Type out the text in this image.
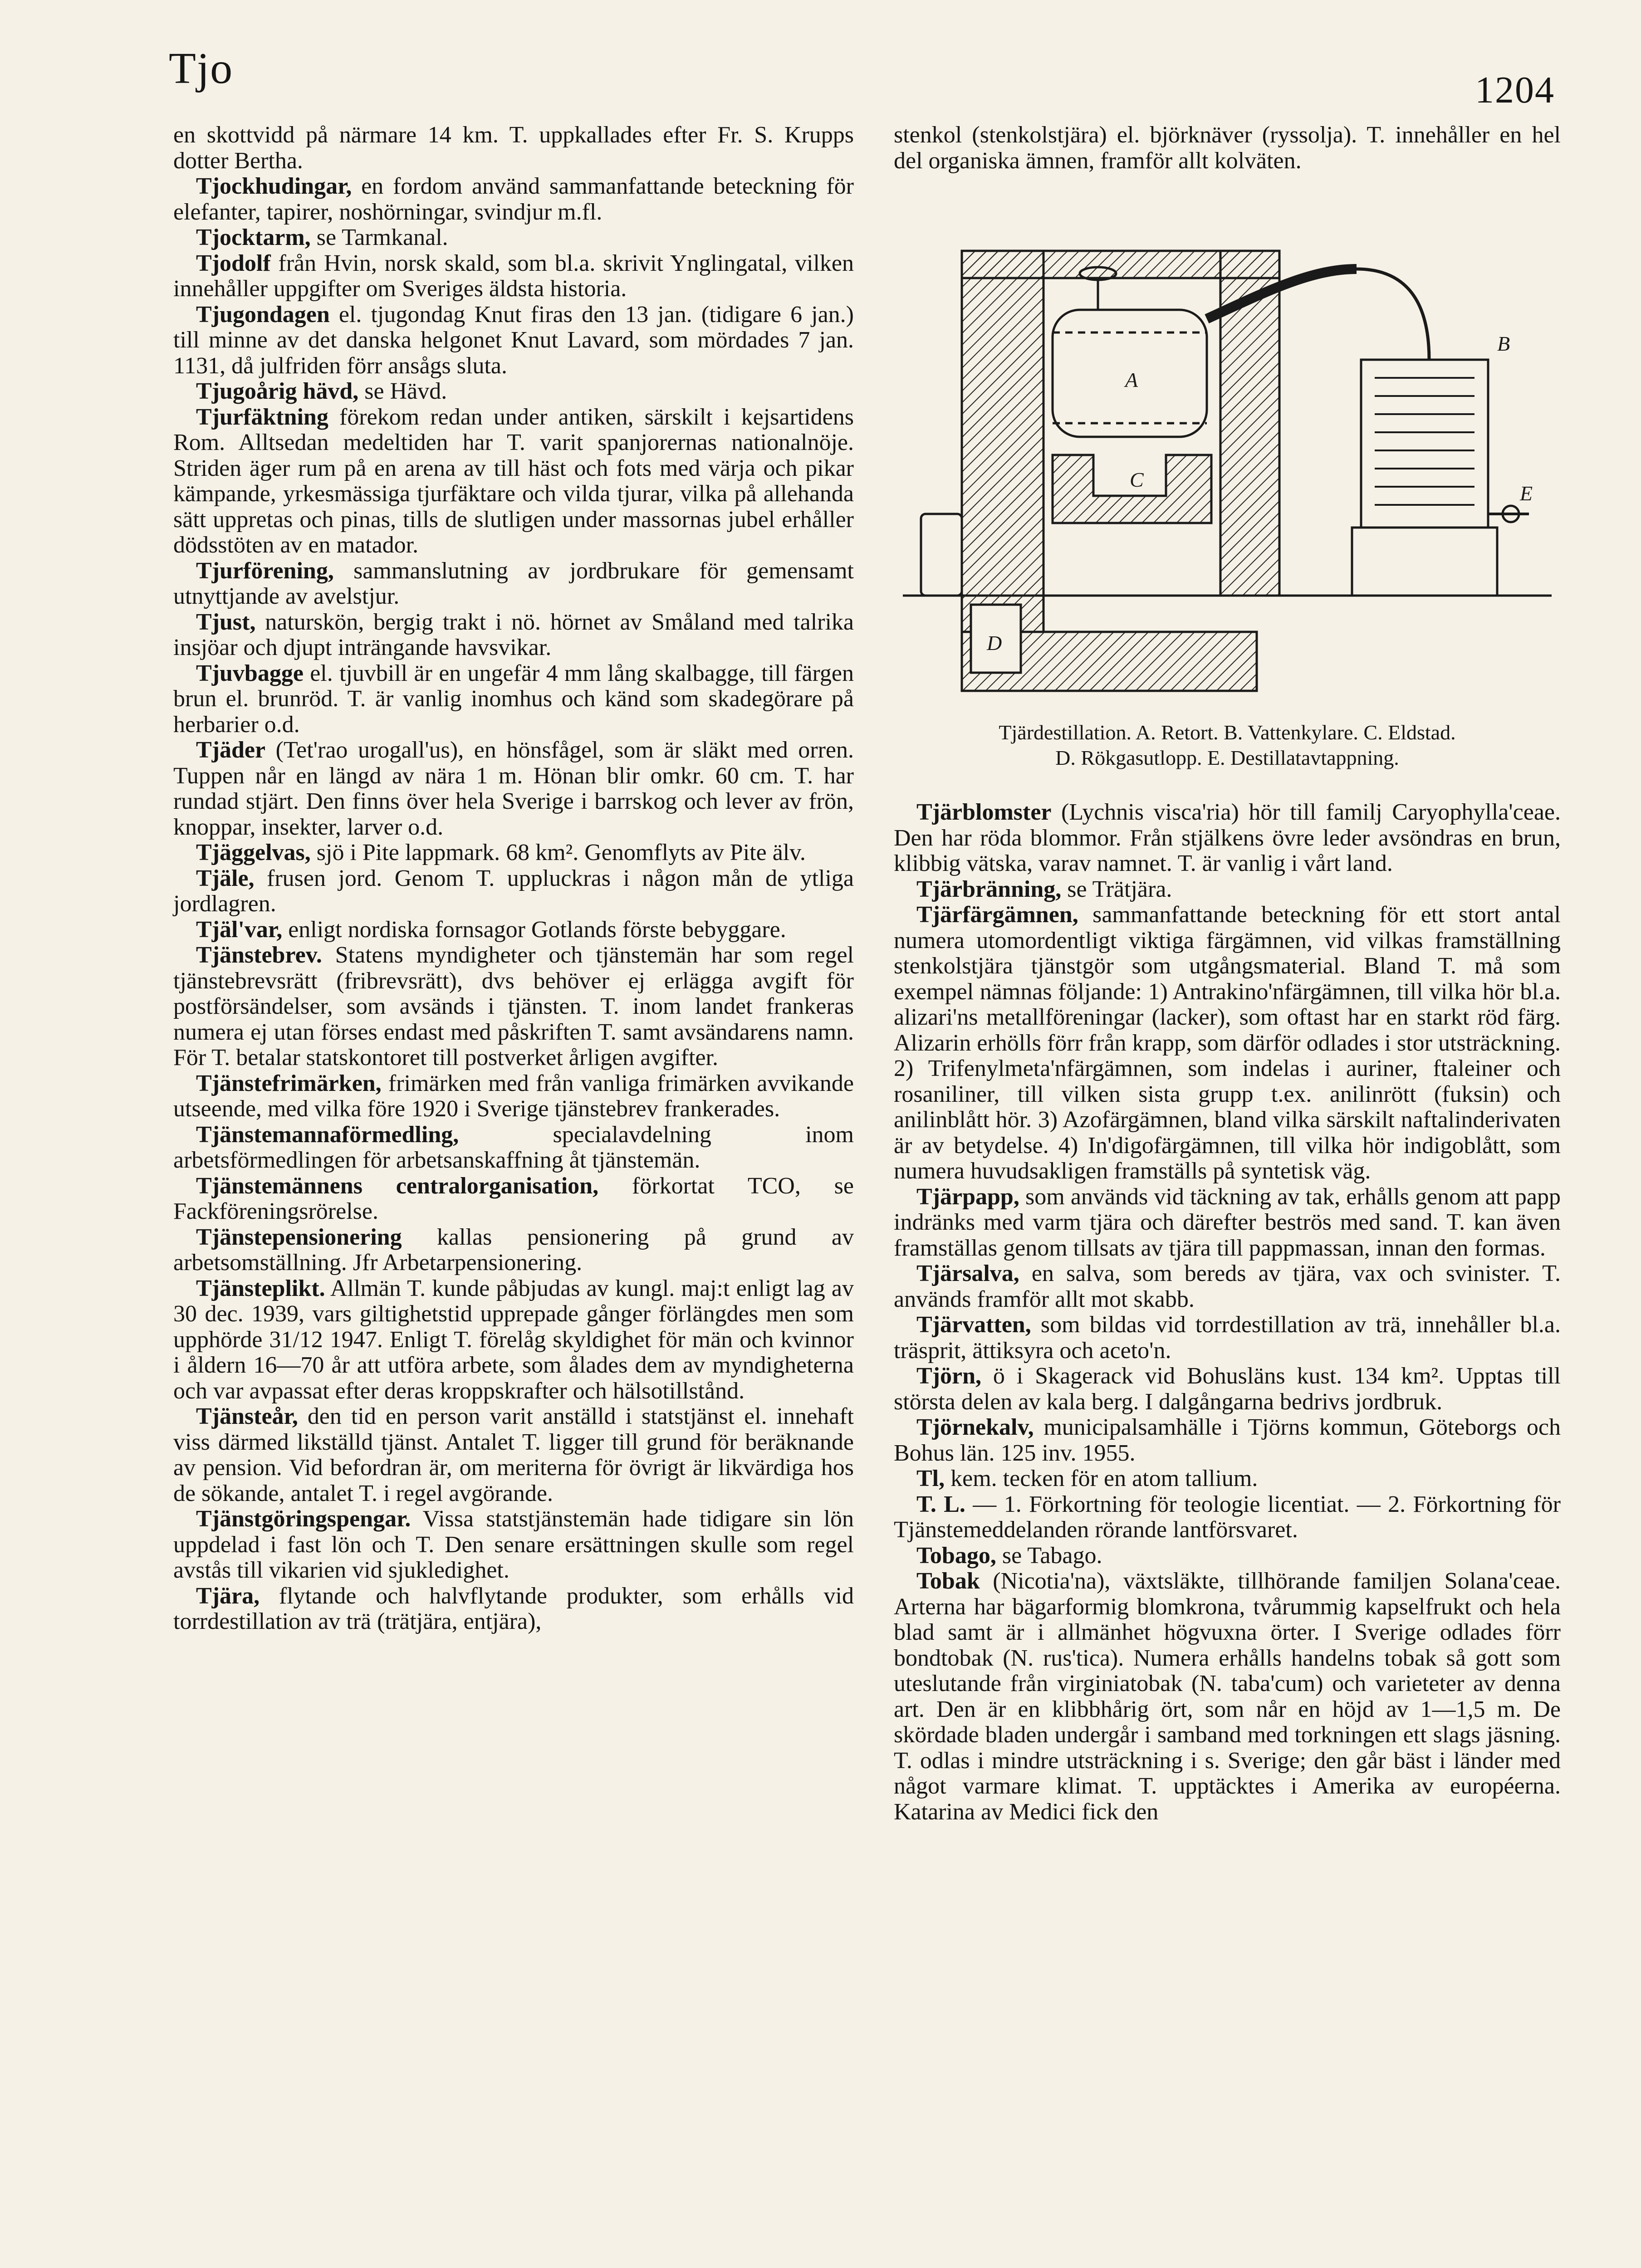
Tjo	1204

en skottvidd på närmare 14 km. T. uppkallades efter Fr. S. Krupps dotter Bertha.

Tjockhudingar, en fordom använd sammanfattande beteckning för elefanter, tapirer, noshörningar, svindjur m.fl.

Tjocktarm, se Tarmkanal.

Tjodolf från Hvin, norsk skald, som bl.a. skrivit Ynglingatal, vilken innehåller uppgifter om Sveriges äldsta historia.

Tjugondagen el. tjugondag Knut firas den 13 jan. (tidigare 6 jan.) till minne av det danska helgonet Knut Lavard, som mördades 7 jan. 1131, då julfriden förr ansågs sluta.

Tjugoårig hävd, se Hävd.

Tjurfäktning förekom redan under antiken, särskilt i kejsartidens Rom. Alltsedan medeltiden har T. varit spanjorernas nationalnöje. Striden äger rum på en arena av till häst och fots med värja och pikar kämpande, yrkesmässiga tjurfäktare och vilda tjurar, vilka på allehanda sätt uppretas och pinas, tills de slutligen under massornas jubel erhåller dödsstöten av en matador.

Tjurförening, sammanslutning av jordbrukare för gemensamt utnyttjande av avelstjur.

Tjust, naturskön, bergig trakt i nö. hörnet av Småland med talrika insjöar och djupt inträngande havsvikar.

Tjuvbagge el. tjuvbill är en ungefär 4 mm lång skalbagge, till färgen brun el. brunröd. T. är vanlig inomhus och känd som skadegörare på herbarier o.d.

Tjäder (Tet'rao urogall'us), en hönsfågel, som är släkt med orren. Tuppen når en längd av nära 1 m. Hönan blir omkr. 60 cm. T. har rundad stjärt. Den finns över hela Sverige i barrskog och lever av frön, knoppar, insekter, larver o.d.

Tjäggelvas, sjö i Pite lappmark. 68 km². Genomflyts av Pite älv.

Tjäle, frusen jord. Genom T. uppluckras i någon mån de ytliga jordlagren.

Tjäl'var, enligt nordiska fornsagor Gotlands förste bebyggare.

Tjänstebrev. Statens myndigheter och tjänstemän har som regel tjänstebrevsrätt (fribrevsrätt), dvs behöver ej erlägga avgift för postförsändelser, som avsänds i tjänsten. T. inom landet frankeras numera ej utan förses endast med påskriften T. samt avsändarens namn. För T. betalar statskontoret till postverket årligen avgifter.

Tjänstefrimärken, frimärken med från vanliga frimärken avvikande utseende, med vilka före 1920 i Sverige tjänstebrev frankerades.

Tjänstemannaförmedling, specialavdelning inom arbetsförmedlingen för arbetsanskaffning åt tjänstemän.

Tjänstemännens centralorganisation, förkortat TCO, se Fackföreningsrörelse.

Tjänstepensionering kallas pensionering på grund av arbetsomställning. Jfr Arbetarpensionering.

Tjänsteplikt. Allmän T. kunde påbjudas av kungl. maj:t enligt lag av 30 dec. 1939, vars giltighetstid upprepade gånger förlängdes men som upphörde 31/12 1947. Enligt T. förelåg skyldighet för män och kvinnor i åldern 16—70 år att utföra arbete, som ålades dem av myndigheterna och var avpassat efter deras kroppskrafter och hälsotillstånd.

Tjänsteår, den tid en person varit anställd i statstjänst el. innehaft viss därmed likställd tjänst. Antalet T. ligger till grund för beräknande av pension. Vid befordran är, om meriterna för övrigt är likvärdiga hos de sökande, antalet T. i regel avgörande.

Tjänstgöringspengar. Vissa statstjänstemän hade tidigare sin lön uppdelad i fast lön och T. Den senare ersättningen skulle som regel avstås till vikarien vid sjukledighet.

Tjära, flytande och halvflytande produkter, som erhålls vid torrdestillation av trä (trätjära, entjära),

stenkol (stenkolstjära) el. björknäver (ryssolja). T. innehåller en hel del organiska ämnen, framför allt kolväten.

A
B
C
D
E
Tjärdestillation. A. Retort. B. Vattenkylare. C. Eldstad.
D. Rökgasutlopp. E. Destillatavtappning.

Tjärblomster (Lychnis visca'ria) hör till familj Caryophylla'ceae. Den har röda blommor. Från stjälkens övre leder avsöndras en brun, klibbig vätska, varav namnet. T. är vanlig i vårt land.

Tjärbränning, se Trätjära.

Tjärfärgämnen, sammanfattande beteckning för ett stort antal numera utomordentligt viktiga färgämnen, vid vilkas framställning stenkolstjära tjänstgör som utgångsmaterial. Bland T. må som exempel nämnas följande: 1) Antrakino'nfärgämnen, till vilka hör bl.a. alizari'ns metallföreningar (lacker), som oftast har en starkt röd färg. Alizarin erhölls förr från krapp, som därför odlades i stor utsträckning. 2) Trifenylmeta'nfärgämnen, som indelas i auriner, ftaleiner och rosaniliner, till vilken sista grupp t.ex. anilinrött (fuksin) och anilinblått hör. 3) Azofärgämnen, bland vilka särskilt naftalinderivaten är av betydelse. 4) In'digofärgämnen, till vilka hör indigoblått, som numera huvudsakligen framställs på syntetisk väg.

Tjärpapp, som används vid täckning av tak, erhålls genom att papp indränks med varm tjära och därefter beströs med sand. T. kan även framställas genom tillsats av tjära till pappmassan, innan den formas.

Tjärsalva, en salva, som bereds av tjära, vax och svinister. T. används framför allt mot skabb.

Tjärvatten, som bildas vid torrdestillation av trä, innehåller bl.a. träsprit, ättiksyra och aceto'n.

Tjörn, ö i Skagerack vid Bohusläns kust. 134 km². Upptas till största delen av kala berg. I dalgångarna bedrivs jordbruk.

Tjörnekalv, municipalsamhälle i Tjörns kommun, Göteborgs och Bohus län. 125 inv. 1955.

Tl, kem. tecken för en atom tallium.

T. L. — 1. Förkortning för teologie licentiat. — 2. Förkortning för Tjänstemeddelanden rörande lantförsvaret.

Tobago, se Tabago.

Tobak (Nicotia'na), växtsläkte, tillhörande familjen Solana'ceae. Arterna har bägarformig blomkrona, tvårummig kapselfrukt och hela blad samt är i allmänhet högvuxna örter. I Sverige odlades förr bondtobak (N. rus'tica). Numera erhålls handelns tobak så gott som uteslutande från virginiatobak (N. taba'cum) och varieteter av denna art. Den är en klibbhårig ört, som når en höjd av 1—1,5 m. De skördade bladen undergår i samband med torkningen ett slags jäsning. T. odlas i mindre utsträckning i s. Sverige; den går bäst i länder med något varmare klimat. T. upptäcktes i Amerika av européerna. Katarina av Medici fick den
